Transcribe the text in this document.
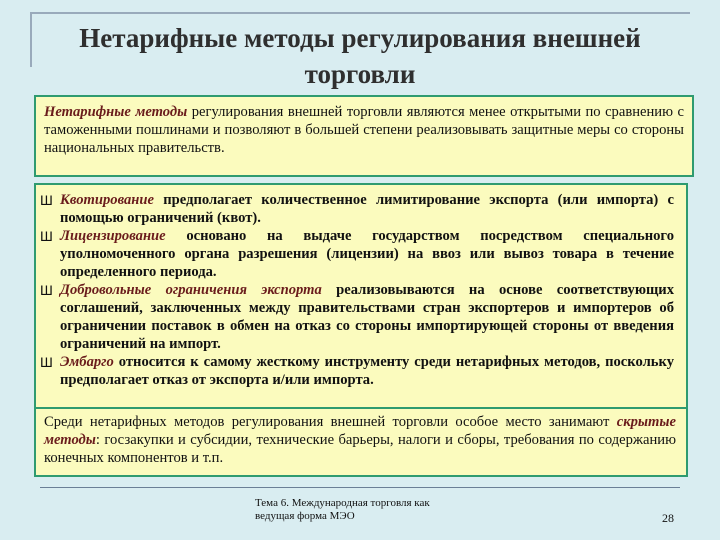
Нетарифные методы регулирования внешней торговли
Нетарифные методы регулирования внешней торговли являются менее открытыми по сравнению с таможенными пошлинами и позволяют в большей степени реализовывать защитные меры со стороны национальных правительств.
Ш Квотирование предполагает количественное лимитирование экспорта (или импорта) с помощью ограничений (квот).
Ш Лицензирование основано на выдаче государством посредством специального уполномоченного органа разрешения (лицензии) на ввоз или вывоз товара в течение определенного периода.
Ш Добровольные ограничения экспорта реализовываются на основе соответствующих соглашений, заключенных между правительствами стран экспортеров и импортеров об ограничении поставок в обмен на отказ со стороны импортирующей стороны от введения ограничений на импорт.
Ш Эмбарго относится к самому жесткому инструменту среди нетарифных методов, поскольку предполагает отказ от экспорта и/или импорта.
Среди нетарифных методов регулирования внешней торговли особое место занимают скрытые методы: госзакупки и субсидии, технические барьеры, налоги и сборы, требования по содержанию конечных компонентов и т.п.
Тема 6. Международная торговля как ведущая форма МЭО	28
